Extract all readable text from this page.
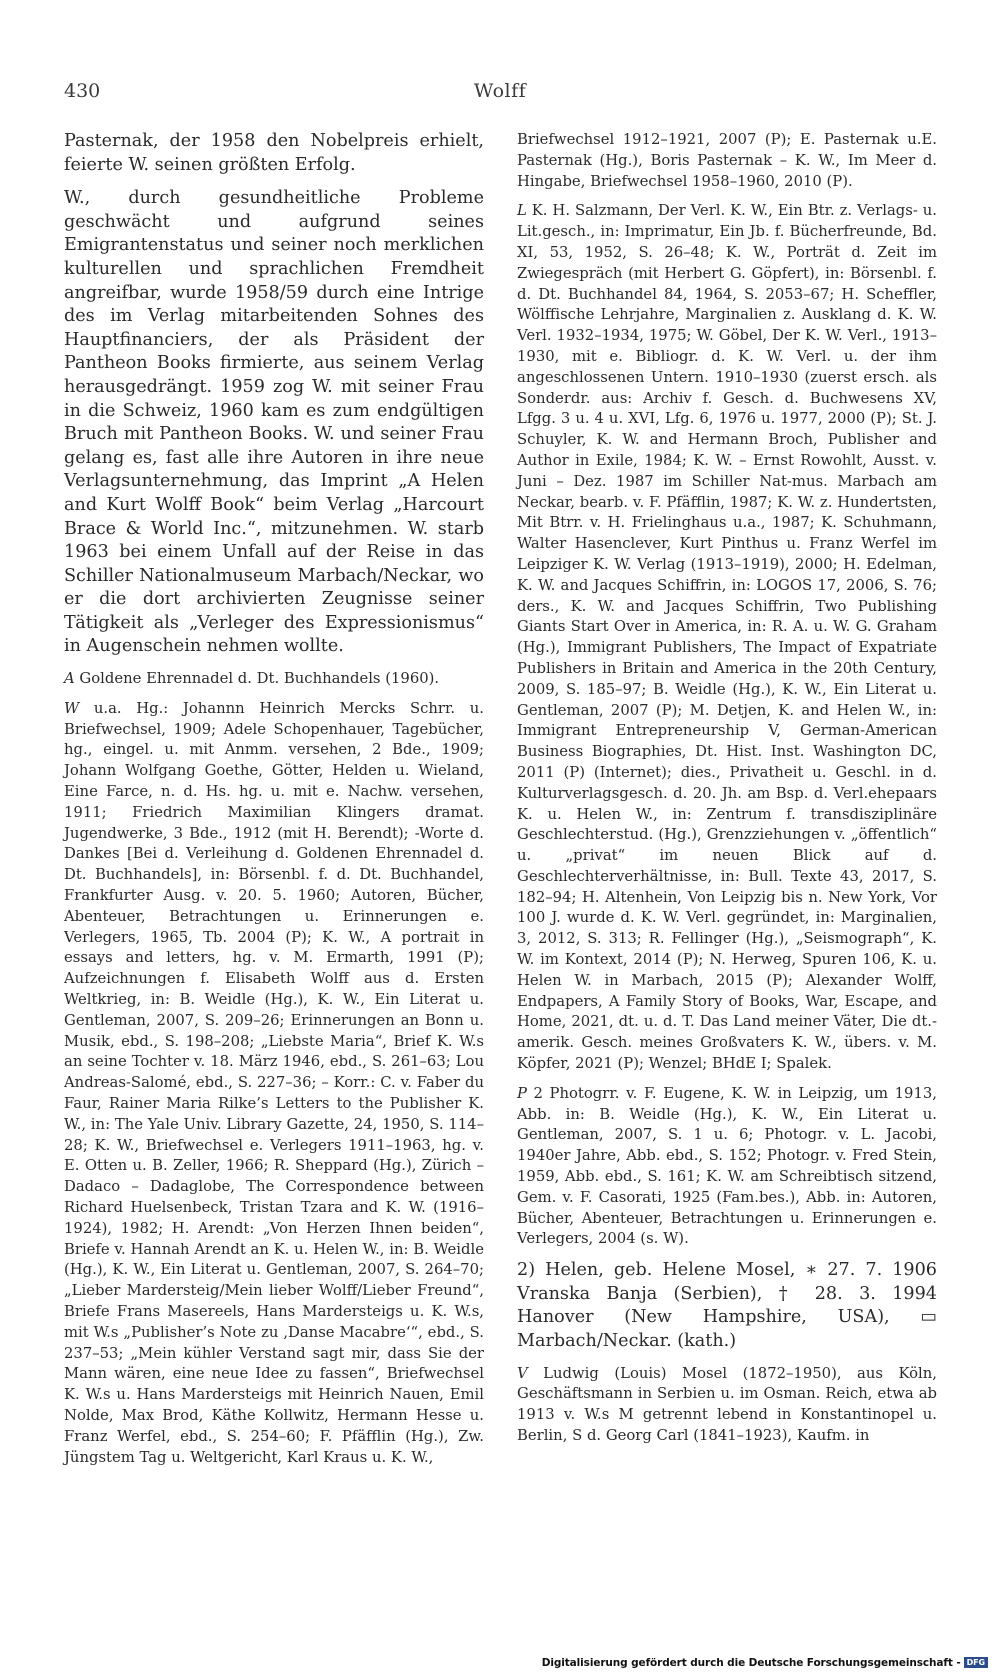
430	Wolff

Pasternak, der 1958 den Nobelpreis erhielt, feierte W. seinen größten Erfolg.

W., durch gesundheitliche Probleme geschwächt und aufgrund seines Emigrantenstatus und seiner noch merklichen kulturellen und sprachlichen Fremdheit angreifbar, wurde 1958/59 durch eine Intrige des im Verlag mitarbeitenden Sohnes des Hauptfinanciers, der als Präsident der Pantheon Books firmierte, aus seinem Verlag herausgedrängt. 1959 zog W. mit seiner Frau in die Schweiz, 1960 kam es zum endgültigen Bruch mit Pantheon Books. W. und seiner Frau gelang es, fast alle ihre Autoren in ihre neue Verlagsunternehmung, das Imprint „A Helen and Kurt Wolff Book“ beim Verlag „Harcourt Brace & World Inc.“, mitzunehmen. W. starb 1963 bei einem Unfall auf der Reise in das Schiller Nationalmuseum Marbach/Neckar, wo er die dort archivierten Zeugnisse seiner Tätigkeit als „Verleger des Expressionismus“ in Augenschein nehmen wollte.

A Goldene Ehrennadel d. Dt. Buchhandels (1960).

W u.a. Hg.: Johannn Heinrich Mercks Schrr. u. Briefwechsel, 1909; Adele Schopenhauer, Tagebücher, hg., eingel. u. mit Anmm. versehen, 2 Bde., 1909; Johann Wolfgang Goethe, Götter, Helden u. Wieland, Eine Farce, n. d. Hs. hg. u. mit e. Nachw. versehen, 1911; Friedrich Maximilian Klingers dramat. Jugendwerke, 3 Bde., 1912 (mit H. Berendt); -Worte d. Dankes [Bei d. Verleihung d. Goldenen Ehrennadel d. Dt. Buchhandels], in: Börsenbl. f. d. Dt. Buchhandel, Frankfurter Ausg. v. 20. 5. 1960; Autoren, Bücher, Abenteuer, Betrachtungen u. Erinnerungen e. Verlegers, 1965, Tb. 2004 (P); K. W., A portrait in essays and letters, hg. v. M. Ermarth, 1991 (P); Aufzeichnungen f. Elisabeth Wolff aus d. Ersten Weltkrieg, in: B. Weidle (Hg.), K. W., Ein Literat u. Gentleman, 2007, S. 209–26; Erinnerungen an Bonn u. Musik, ebd., S. 198–208; „Liebste Maria“, Brief K. W.s an seine Tochter v. 18. März 1946, ebd., S. 261–63; Lou Andreas-Salomé, ebd., S. 227–36; – Korr.: C. v. Faber du Faur, Rainer Maria Rilke’s Letters to the Publisher K. W., in: The Yale Univ. Library Gazette, 24, 1950, S. 114–28; K. W., Briefwechsel e. Verlegers 1911–1963, hg. v. E. Otten u. B. Zeller, 1966; R. Sheppard (Hg.), Zürich – Dadaco – Dadaglobe, The Correspondence between Richard Huelsenbeck, Tristan Tzara and K. W. (1916–1924), 1982; H. Arendt: „Von Herzen Ihnen beiden“, Briefe v. Hannah Arendt an K. u. Helen W., in: B. Weidle (Hg.), K. W., Ein Literat u. Gentleman, 2007, S. 264–70; „Lieber Mardersteig/Mein lieber Wolff/Lieber Freund“, Briefe Frans Masereels, Hans Mardersteigs u. K. W.s, mit W.s „Publisher’s Note zu ‚Danse Macabre‘“, ebd., S. 237–53; „Mein kühler Verstand sagt mir, dass Sie der Mann wären, eine neue Idee zu fassen“, Briefwechsel K. W.s u. Hans Mardersteigs mit Heinrich Nauen, Emil Nolde, Max Brod, Käthe Kollwitz, Hermann Hesse u. Franz Werfel, ebd., S. 254–60; F. Pfäfflin (Hg.), Zw. Jüngstem Tag u. Weltgericht, Karl Kraus u. K. W.,

Briefwechsel 1912–1921, 2007 (P); E. Pasternak u.E. Pasternak (Hg.), Boris Pasternak – K. W., Im Meer d. Hingabe, Briefwechsel 1958–1960, 2010 (P).

L K. H. Salzmann, Der Verl. K. W., Ein Btr. z. Verlags- u. Lit.gesch., in: Imprimatur, Ein Jb. f. Bücherfreunde, Bd. XI, 53, 1952, S. 26–48; K. W., Porträt d. Zeit im Zwiegespräch (mit Herbert G. Göpfert), in: Börsenbl. f. d. Dt. Buchhandel 84, 1964, S. 2053–67; H. Scheffler, Wölffische Lehrjahre, Marginalien z. Ausklang d. K. W. Verl. 1932–1934, 1975; W. Göbel, Der K. W. Verl., 1913–1930, mit e. Bibliogr. d. K. W. Verl. u. der ihm angeschlossenen Untern. 1910–1930 (zuerst ersch. als Sonderdr. aus: Archiv f. Gesch. d. Buchwesens XV, Lfgg. 3 u. 4 u. XVI, Lfg. 6, 1976 u. 1977, 2000 (P); St. J. Schuyler, K. W. and Hermann Broch, Publisher and Author in Exile, 1984; K. W. – Ernst Rowohlt, Ausst. v. Juni – Dez. 1987 im Schiller Nat-mus. Marbach am Neckar, bearb. v. F. Pfäfflin, 1987; K. W. z. Hundertsten, Mit Btrr. v. H. Frielinghaus u.a., 1987; K. Schuhmann, Walter Hasenclever, Kurt Pinthus u. Franz Werfel im Leipziger K. W. Verlag (1913–1919), 2000; H. Edelman, K. W. and Jacques Schiffrin, in: LOGOS 17, 2006, S. 76; ders., K. W. and Jacques Schiffrin, Two Publishing Giants Start Over in America, in: R. A. u. W. G. Graham (Hg.), Immigrant Publishers, The Impact of Expatriate Publishers in Britain and America in the 20th Century, 2009, S. 185–97; B. Weidle (Hg.), K. W., Ein Literat u. Gentleman, 2007 (P); M. Detjen, K. and Helen W., in: Immigrant Entrepreneurship V, German-American Business Biographies, Dt. Hist. Inst. Washington DC, 2011 (P) (Internet); dies., Privatheit u. Geschl. in d. Kulturverlagsgesch. d. 20. Jh. am Bsp. d. Verl.ehepaars K. u. Helen W., in: Zentrum f. transdisziplinäre Geschlechterstud. (Hg.), Grenzziehungen v. „öffentlich“ u. „privat“ im neuen Blick auf d. Geschlechterverhältnisse, in: Bull. Texte 43, 2017, S. 182–94; H. Altenhein, Von Leipzig bis n. New York, Vor 100 J. wurde d. K. W. Verl. gegründet, in: Marginalien, 3, 2012, S. 313; R. Fellinger (Hg.), „Seismograph“, K. W. im Kontext, 2014 (P); N. Herweg, Spuren 106, K. u. Helen W. in Marbach, 2015 (P); Alexander Wolff, Endpapers, A Family Story of Books, War, Escape, and Home, 2021, dt. u. d. T. Das Land meiner Väter, Die dt.-amerik. Gesch. meines Großvaters K. W., übers. v. M. Köpfer, 2021 (P); Wenzel; BHdE I; Spalek.

P 2 Photogrr. v. F. Eugene, K. W. in Leipzig, um 1913, Abb. in: B. Weidle (Hg.), K. W., Ein Literat u. Gentleman, 2007, S. 1 u. 6; Photogr. v. L. Jacobi, 1940er Jahre, Abb. ebd., S. 152; Photogr. v. Fred Stein, 1959, Abb. ebd., S. 161; K. W. am Schreibtisch sitzend, Gem. v. F. Casorati, 1925 (Fam.bes.), Abb. in: Autoren, Bücher, Abenteuer, Betrachtungen u. Erinnerungen e. Verlegers, 2004 (s. W).

2) Helen, geb. Helene Mosel, ∗ 27. 7. 1906 Vranska Banja (Serbien), † 28. 3. 1994 Hanover (New Hampshire, USA), ▭ Marbach/Neckar. (kath.)

V Ludwig (Louis) Mosel (1872–1950), aus Köln, Geschäftsmann in Serbien u. im Osman. Reich, etwa ab 1913 v. W.s M getrennt lebend in Konstantinopel u. Berlin, S d. Georg Carl (1841–1923), Kaufm. in

Digitalisierung gefördert durch die Deutsche Forschungsgemeinschaft - DFG
